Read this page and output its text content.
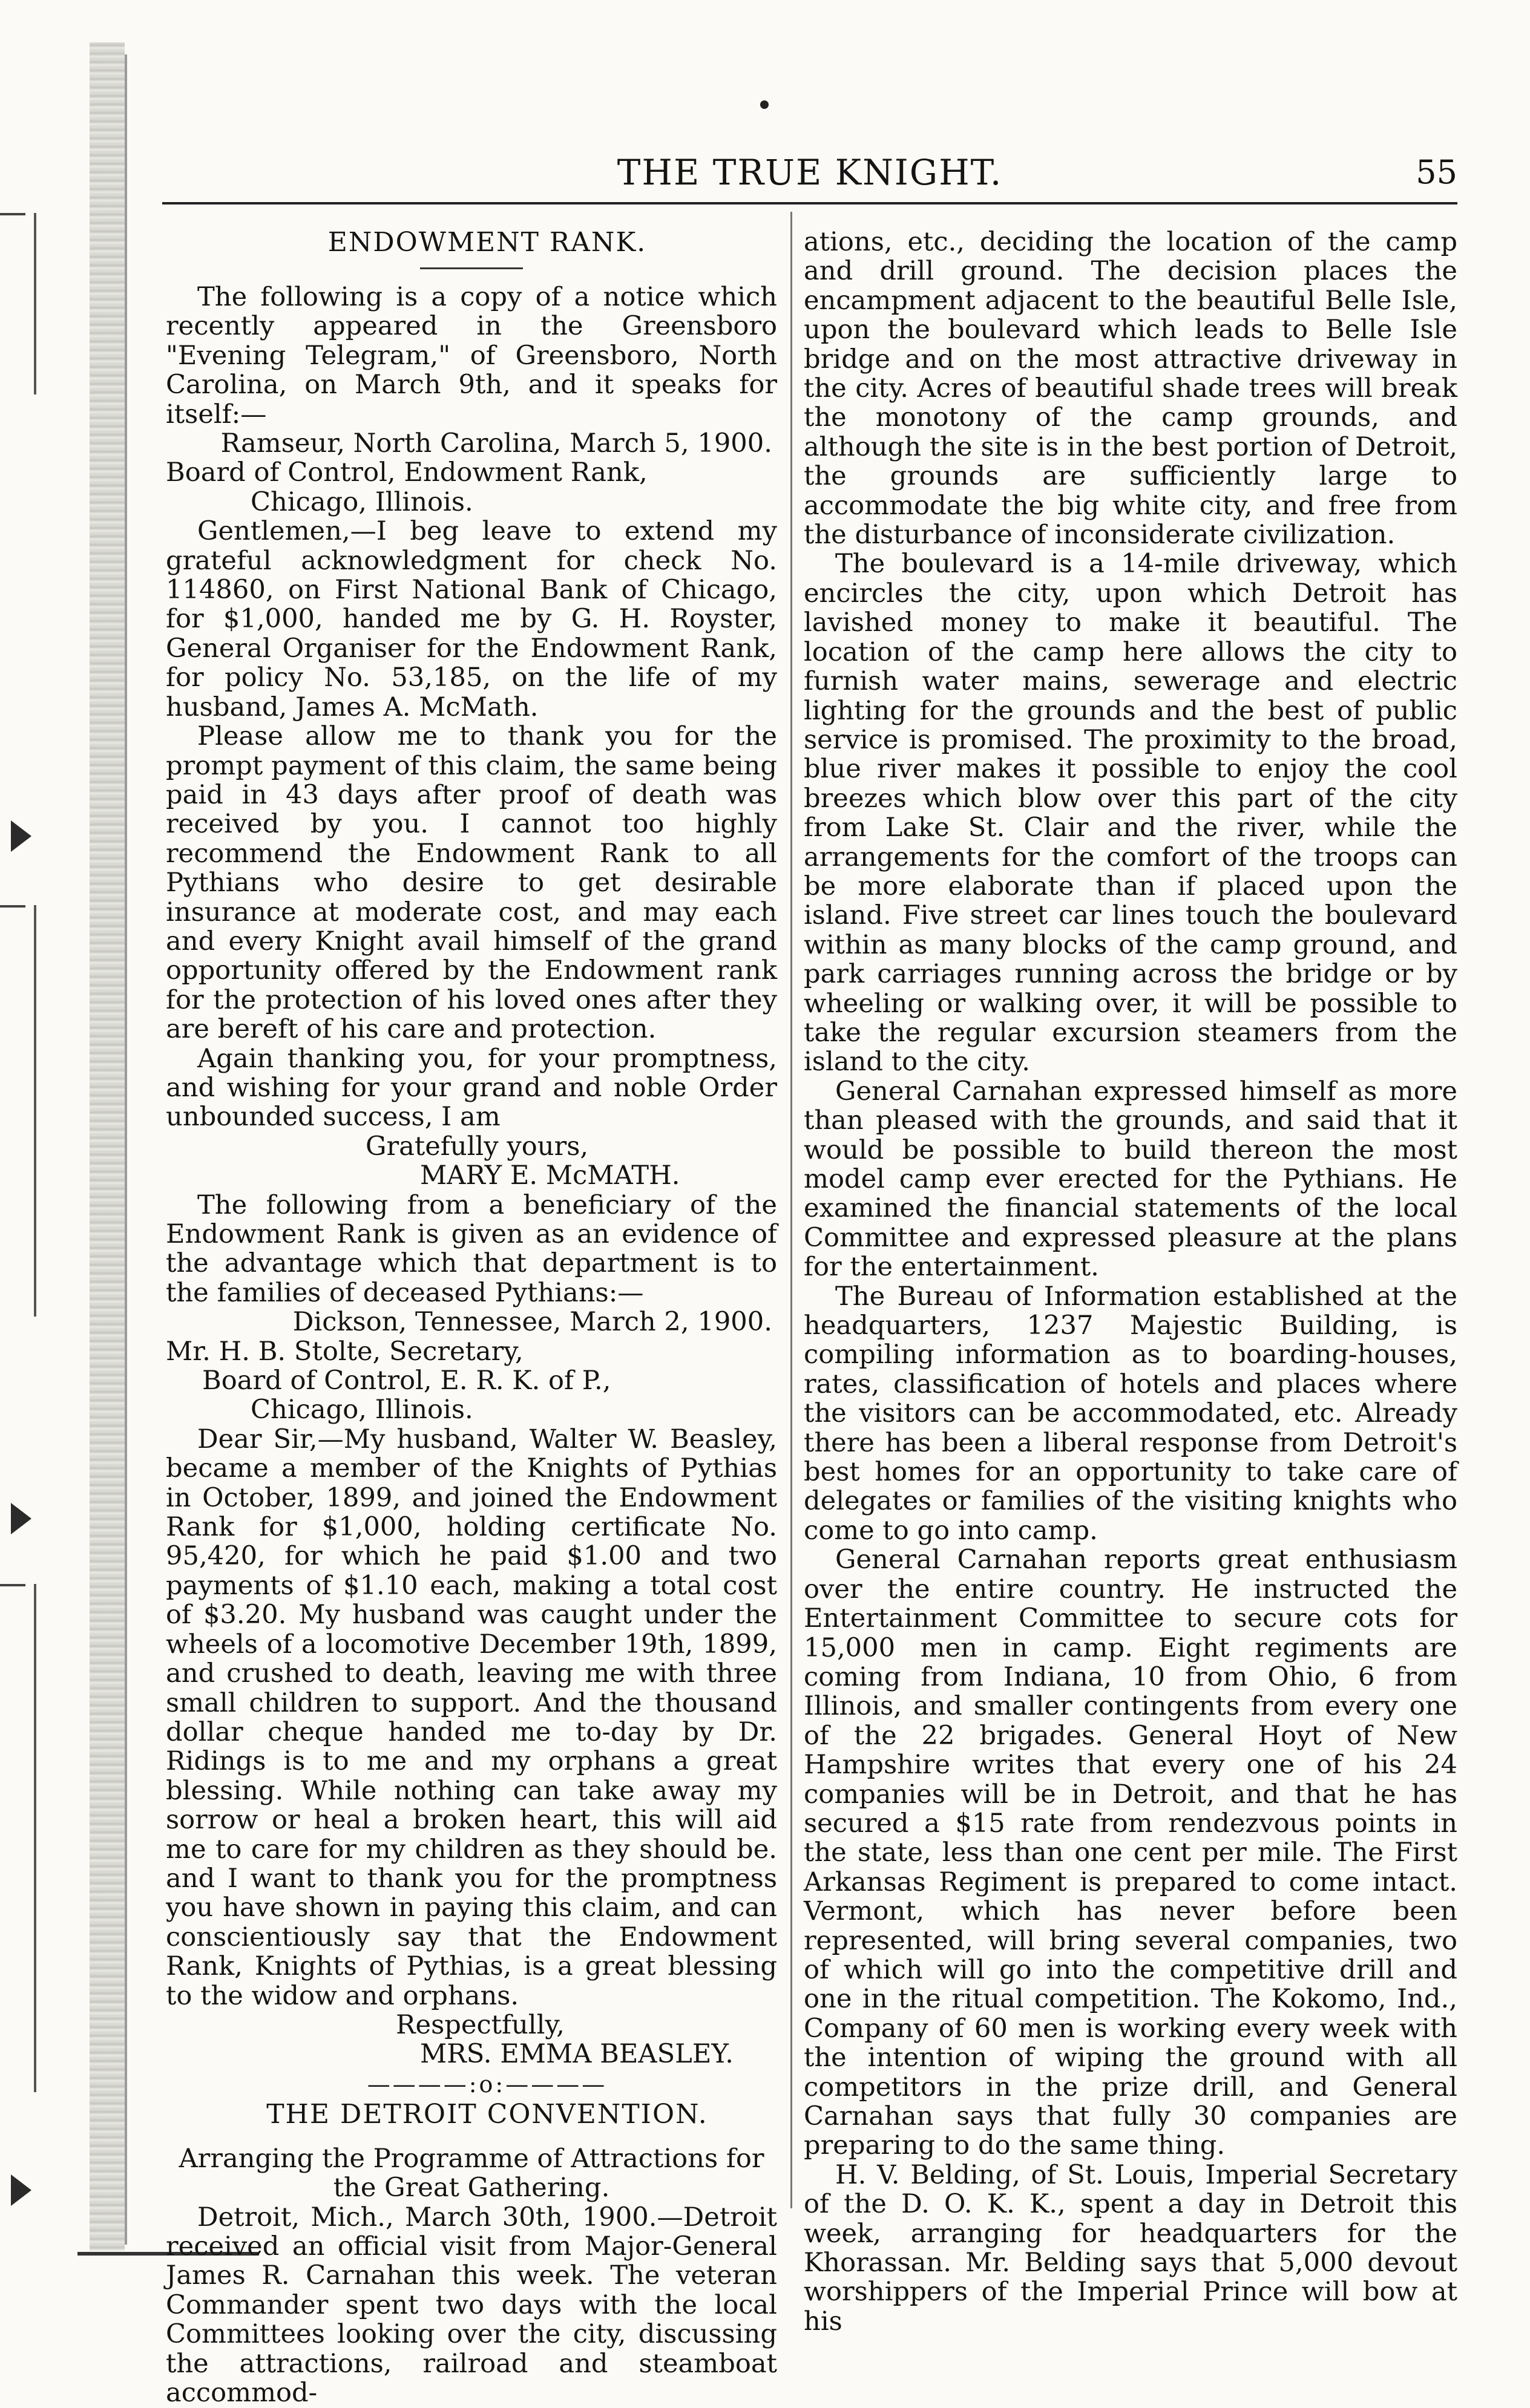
THE TRUE KNIGHT.	55

ENDOWMENT RANK.

The following is a copy of a notice which recently appeared in the Greensboro "Evening Telegram," of Greensboro, North Carolina, on March 9th, and it speaks for itself:—

Ramseur, North Carolina, March 5, 1900.

Board of Control, Endowment Rank,

Chicago, Illinois.

Gentlemen,—I beg leave to extend my grateful acknowledgment for check No. 114860, on First National Bank of Chicago, for $1,000, handed me by G. H. Royster, General Organiser for the Endowment Rank, for policy No. 53,185, on the life of my husband, James A. McMath.

Please allow me to thank you for the prompt payment of this claim, the same being paid in 43 days after proof of death was received by you. I cannot too highly recommend the Endowment Rank to all Pythians who desire to get desirable insurance at moderate cost, and may each and every Knight avail himself of the grand opportunity offered by the Endowment rank for the protection of his loved ones after they are bereft of his care and protection.

Again thanking you, for your promptness, and wishing for your grand and noble Order unbounded success, I am

Gratefully yours,

MARY E. McMATH.

The following from a beneficiary of the Endowment Rank is given as an evidence of the advantage which that department is to the families of deceased Pythians:—

Dickson, Tennessee, March 2, 1900.

Mr. H. B. Stolte, Secretary,

Board of Control, E. R. K. of P.,

Chicago, Illinois.

Dear Sir,—My husband, Walter W. Beasley, became a member of the Knights of Pythias in October, 1899, and joined the Endowment Rank for $1,000, holding certificate No. 95,420, for which he paid $1.00 and two payments of $1.10 each, making a total cost of $3.20. My husband was caught under the wheels of a locomotive December 19th, 1899, and crushed to death, leaving me with three small children to support. And the thousand dollar cheque handed me to-day by Dr. Ridings is to me and my orphans a great blessing. While nothing can take away my sorrow or heal a broken heart, this will aid me to care for my children as they should be. and I want to thank you for the promptness you have shown in paying this claim, and can conscientiously say that the Endowment Rank, Knights of Pythias, is a great blessing to the widow and orphans.

Respectfully,

MRS. EMMA BEASLEY.

————:o:————

THE DETROIT CONVENTION.

Arranging the Programme of Attractions for the Great Gathering.

Detroit, Mich., March 30th, 1900.—Detroit received an official visit from Major-General James R. Carnahan this week. The veteran Commander spent two days with the local Committees looking over the city, discussing the attractions, railroad and steamboat accommod-

ations, etc., deciding the location of the camp and drill ground. The decision places the encampment adjacent to the beautiful Belle Isle, upon the boulevard which leads to Belle Isle bridge and on the most attractive driveway in the city. Acres of beautiful shade trees will break the monotony of the camp grounds, and although the site is in the best portion of Detroit, the grounds are sufficiently large to accommodate the big white city, and free from the disturbance of inconsiderate civilization.

The boulevard is a 14-mile driveway, which encircles the city, upon which Detroit has lavished money to make it beautiful. The location of the camp here allows the city to furnish water mains, sewerage and electric lighting for the grounds and the best of public service is promised. The proximity to the broad, blue river makes it possible to enjoy the cool breezes which blow over this part of the city from Lake St. Clair and the river, while the arrangements for the comfort of the troops can be more elaborate than if placed upon the island. Five street car lines touch the boulevard within as many blocks of the camp ground, and park carriages running across the bridge or by wheeling or walking over, it will be possible to take the regular excursion steamers from the island to the city.

General Carnahan expressed himself as more than pleased with the grounds, and said that it would be possible to build thereon the most model camp ever erected for the Pythians. He examined the financial statements of the local Committee and expressed pleasure at the plans for the entertainment.

The Bureau of Information established at the headquarters, 1237 Majestic Building, is compiling information as to boarding-houses, rates, classification of hotels and places where the visitors can be accommodated, etc. Already there has been a liberal response from Detroit's best homes for an opportunity to take care of delegates or families of the visiting knights who come to go into camp.

General Carnahan reports great enthusiasm over the entire country. He instructed the Entertainment Committee to secure cots for 15,000 men in camp. Eight regiments are coming from Indiana, 10 from Ohio, 6 from Illinois, and smaller contingents from every one of the 22 brigades. General Hoyt of New Hampshire writes that every one of his 24 companies will be in Detroit, and that he has secured a $15 rate from rendezvous points in the state, less than one cent per mile. The First Arkansas Regiment is prepared to come intact. Vermont, which has never before been represented, will bring several companies, two of which will go into the competitive drill and one in the ritual competition. The Kokomo, Ind., Company of 60 men is working every week with the intention of wiping the ground with all competitors in the prize drill, and General Carnahan says that fully 30 companies are preparing to do the same thing.

H. V. Belding, of St. Louis, Imperial Secretary of the D. O. K. K., spent a day in Detroit this week, arranging for headquarters for the Khorassan. Mr. Belding says that 5,000 devout worshippers of the Imperial Prince will bow at his
